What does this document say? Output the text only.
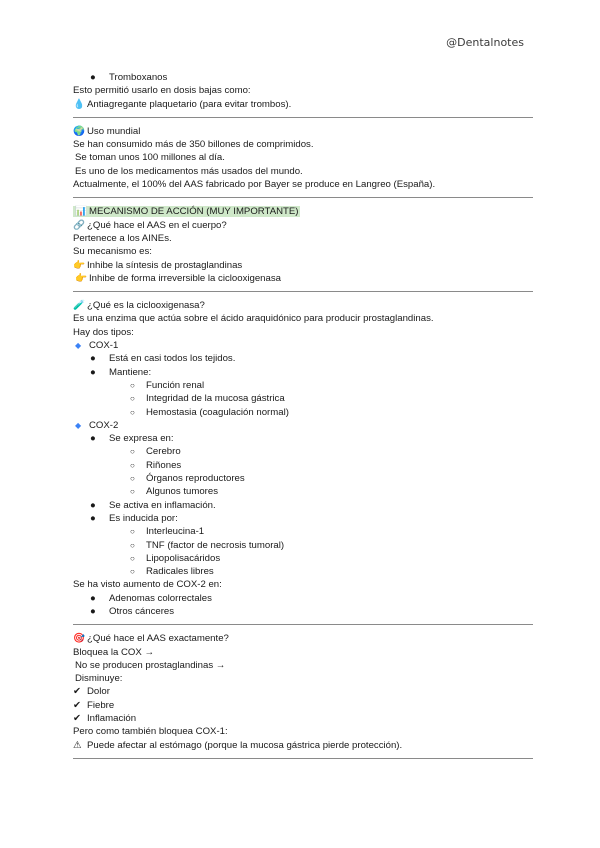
@Dentalnotes
● Tromboxanos
Esto permitió usarlo en dosis bajas como:
💧 Antiagregante plaquetario (para evitar trombos).
🌍 Uso mundial
Se han consumido más de 350 billones de comprimidos.
Se toman unos 100 millones al día.
Es uno de los medicamentos más usados del mundo.
Actualmente, el 100% del AAS fabricado por Bayer se produce en Langreo (España).
📊 MECANISMO DE ACCIÓN (MUY IMPORTANTE)
🔗 ¿Qué hace el AAS en el cuerpo?
Pertenece a los AINEs.
Su mecanismo es:
👉 Inhibe la síntesis de prostaglandinas
👉 Inhibe de forma irreversible la ciclooxigenasa
🧪 ¿Qué es la ciclooxigenasa?
Es una enzima que actúa sobre el ácido araquidónico para producir prostaglandinas.
Hay dos tipos:
◆ COX-1
● Está en casi todos los tejidos.
● Mantiene:
○ Función renal
○ Integridad de la mucosa gástrica
○ Hemostasia (coagulación normal)
◆ COX-2
● Se expresa en:
○ Cerebro
○ Riñones
○ Órganos reproductores
○ Algunos tumores
● Se activa en inflamación.
● Es inducida por:
○ Interleucina-1
○ TNF (factor de necrosis tumoral)
○ Lipopolisacáridos
○ Radicales libres
Se ha visto aumento de COX-2 en:
● Adenomas colorrectales
● Otros cánceres
🎯 ¿Qué hace el AAS exactamente?
Bloquea la COX →
No se producen prostaglandinas →
Disminuye:
✔ Dolor
✔ Fiebre
✔ Inflamación
Pero como también bloquea COX-1:
⚠ Puede afectar al estómago (porque la mucosa gástrica pierde protección).
